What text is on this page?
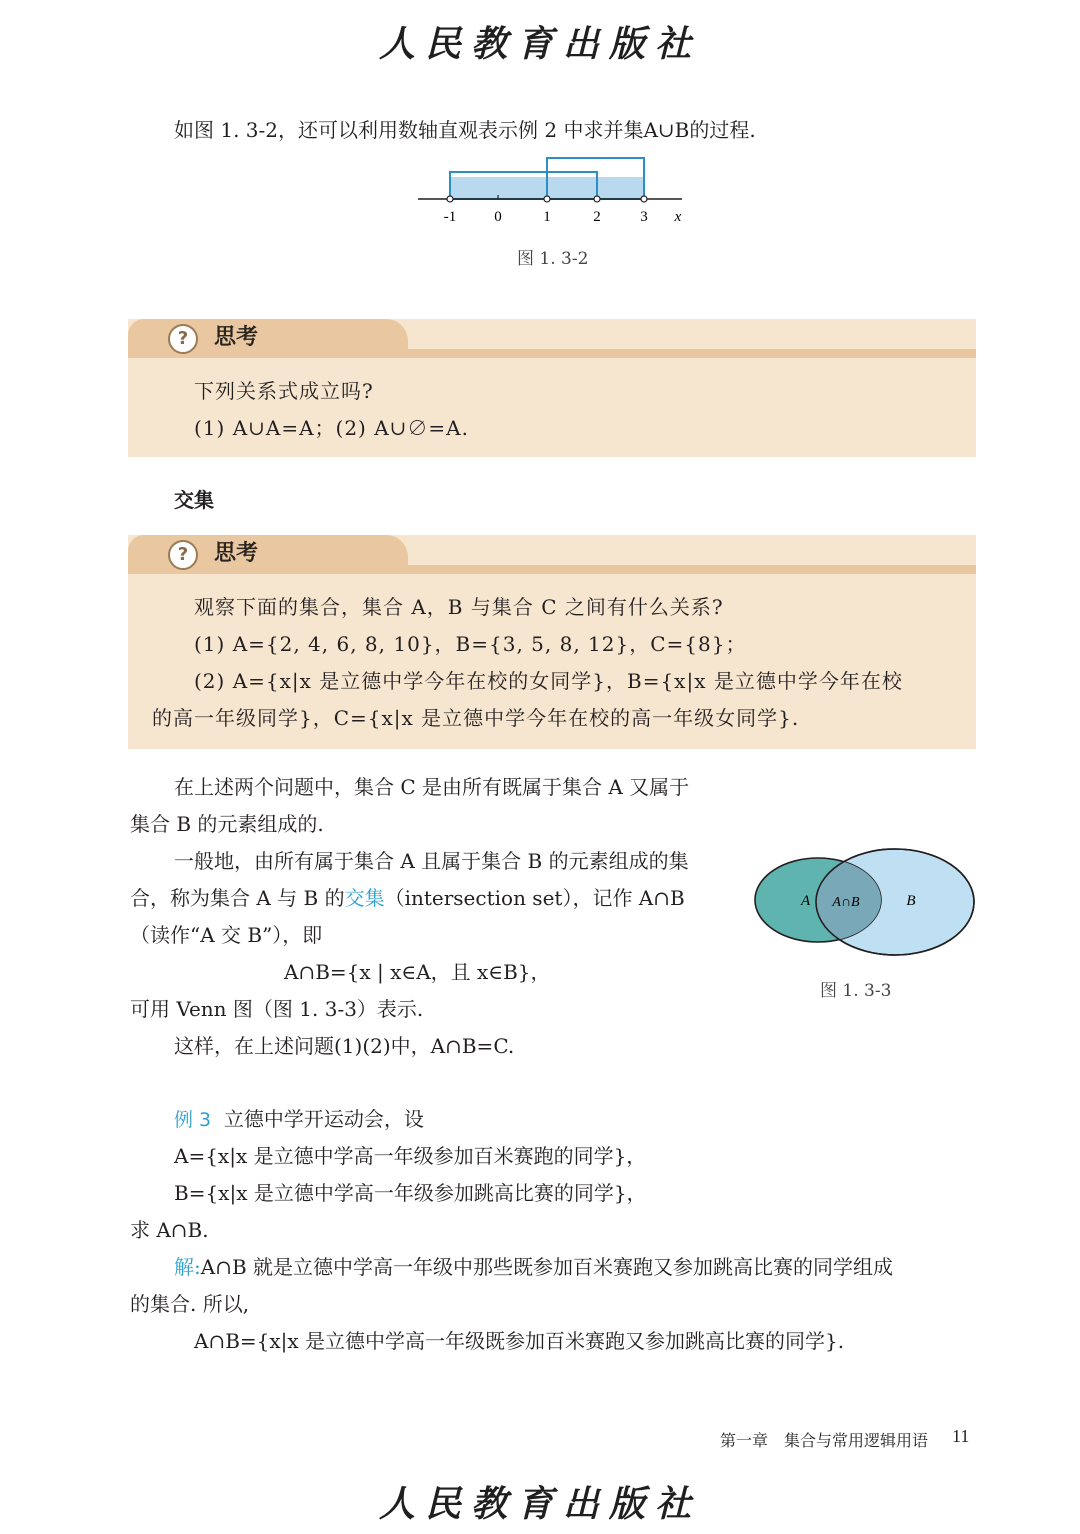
人民教育出版社
如图 1. 3-2，还可以利用数轴直观表示例 2 中求并集A∪B的过程.
-1	0	1	2	3 x
图 1. 3-2
?	思考
下列关系式成立吗?
(1) A∪A=A；(2) A∪∅=A.
交集
?	思考
观察下面的集合，集合 A，B 与集合 C 之间有什么关系?
(1) A={2, 4, 6, 8, 10}，B={3, 5, 8, 12}，C={8}；
(2) A={x|x 是立德中学今年在校的女同学}，B={x|x 是立德中学今年在校
的高一年级同学}，C={x|x 是立德中学今年在校的高一年级女同学}.
在上述两个问题中，集合 C 是由所有既属于集合 A 又属于
集合 B 的元素组成的.
一般地，由所有属于集合 A 且属于集合 B 的元素组成的集
合，称为集合 A 与 B 的交集（intersection set），记作 A∩B
（读作“A 交 B”），即
A∩B={x | x∈A，且 x∈B}，
可用 Venn 图（图 1. 3-3）表示.
这样，在上述问题(1)(2)中，A∩B=C.
A A∩B	B
图 1. 3-3
例 3 立德中学开运动会，设
A={x|x 是立德中学高一年级参加百米赛跑的同学}，
B={x|x 是立德中学高一年级参加跳高比赛的同学}，
求 A∩B.
解:A∩B 就是立德中学高一年级中那些既参加百米赛跑又参加跳高比赛的同学组成
的集合. 所以,
A∩B={x|x 是立德中学高一年级既参加百米赛跑又参加跳高比赛的同学}.
第一章　集合与常用逻辑用语 11
人民教育出版社
